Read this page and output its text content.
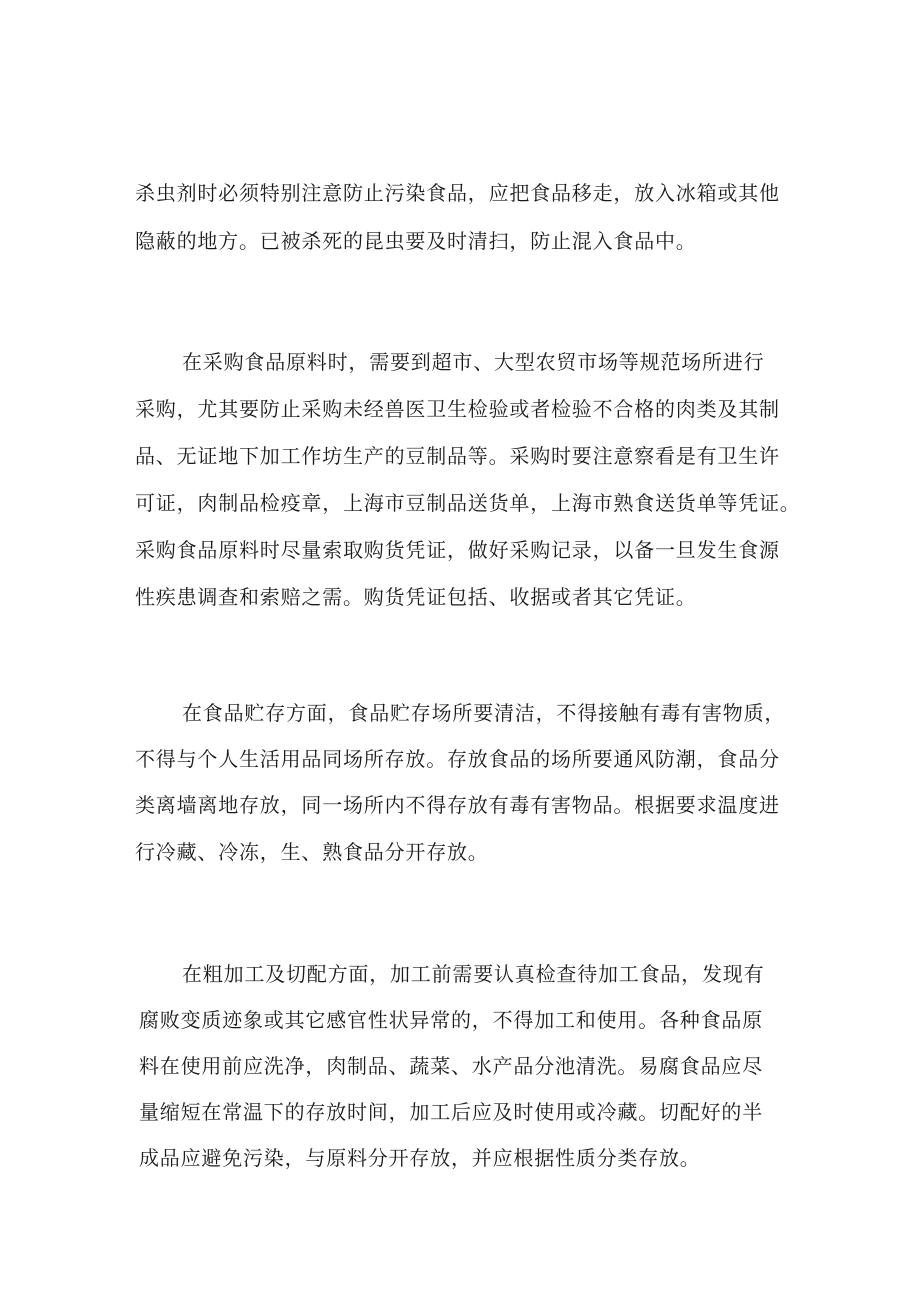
杀虫剂时必须特别注意防止污染食品，应把食品移走，放入冰箱或其他
隐蔽的地方。已被杀死的昆虫要及时清扫，防止混入食品中。
在采购食品原料时，需要到超市、大型农贸市场等规范场所进行
采购，尤其要防止采购未经兽医卫生检验或者检验不合格的肉类及其制
品、无证地下加工作坊生产的豆制品等。采购时要注意察看是有卫生许
可证，肉制品检疫章，上海市豆制品送货单，上海市熟食送货单等凭证。
采购食品原料时尽量索取购货凭证，做好采购记录，以备一旦发生食源
性疾患调查和索赔之需。购货凭证包括、收据或者其它凭证。
在食品贮存方面，食品贮存场所要清洁，不得接触有毒有害物质，
不得与个人生活用品同场所存放。存放食品的场所要通风防潮，食品分
类离墙离地存放，同一场所内不得存放有毒有害物品。根据要求温度进
行冷藏、冷冻，生、熟食品分开存放。
在粗加工及切配方面，加工前需要认真检查待加工食品，发现有
腐败变质迹象或其它感官性状异常的，不得加工和使用。各种食品原
料在使用前应洗净，肉制品、蔬菜、水产品分池清洗。易腐食品应尽
量缩短在常温下的存放时间，加工后应及时使用或冷藏。切配好的半
成品应避免污染，与原料分开存放，并应根据性质分类存放。
